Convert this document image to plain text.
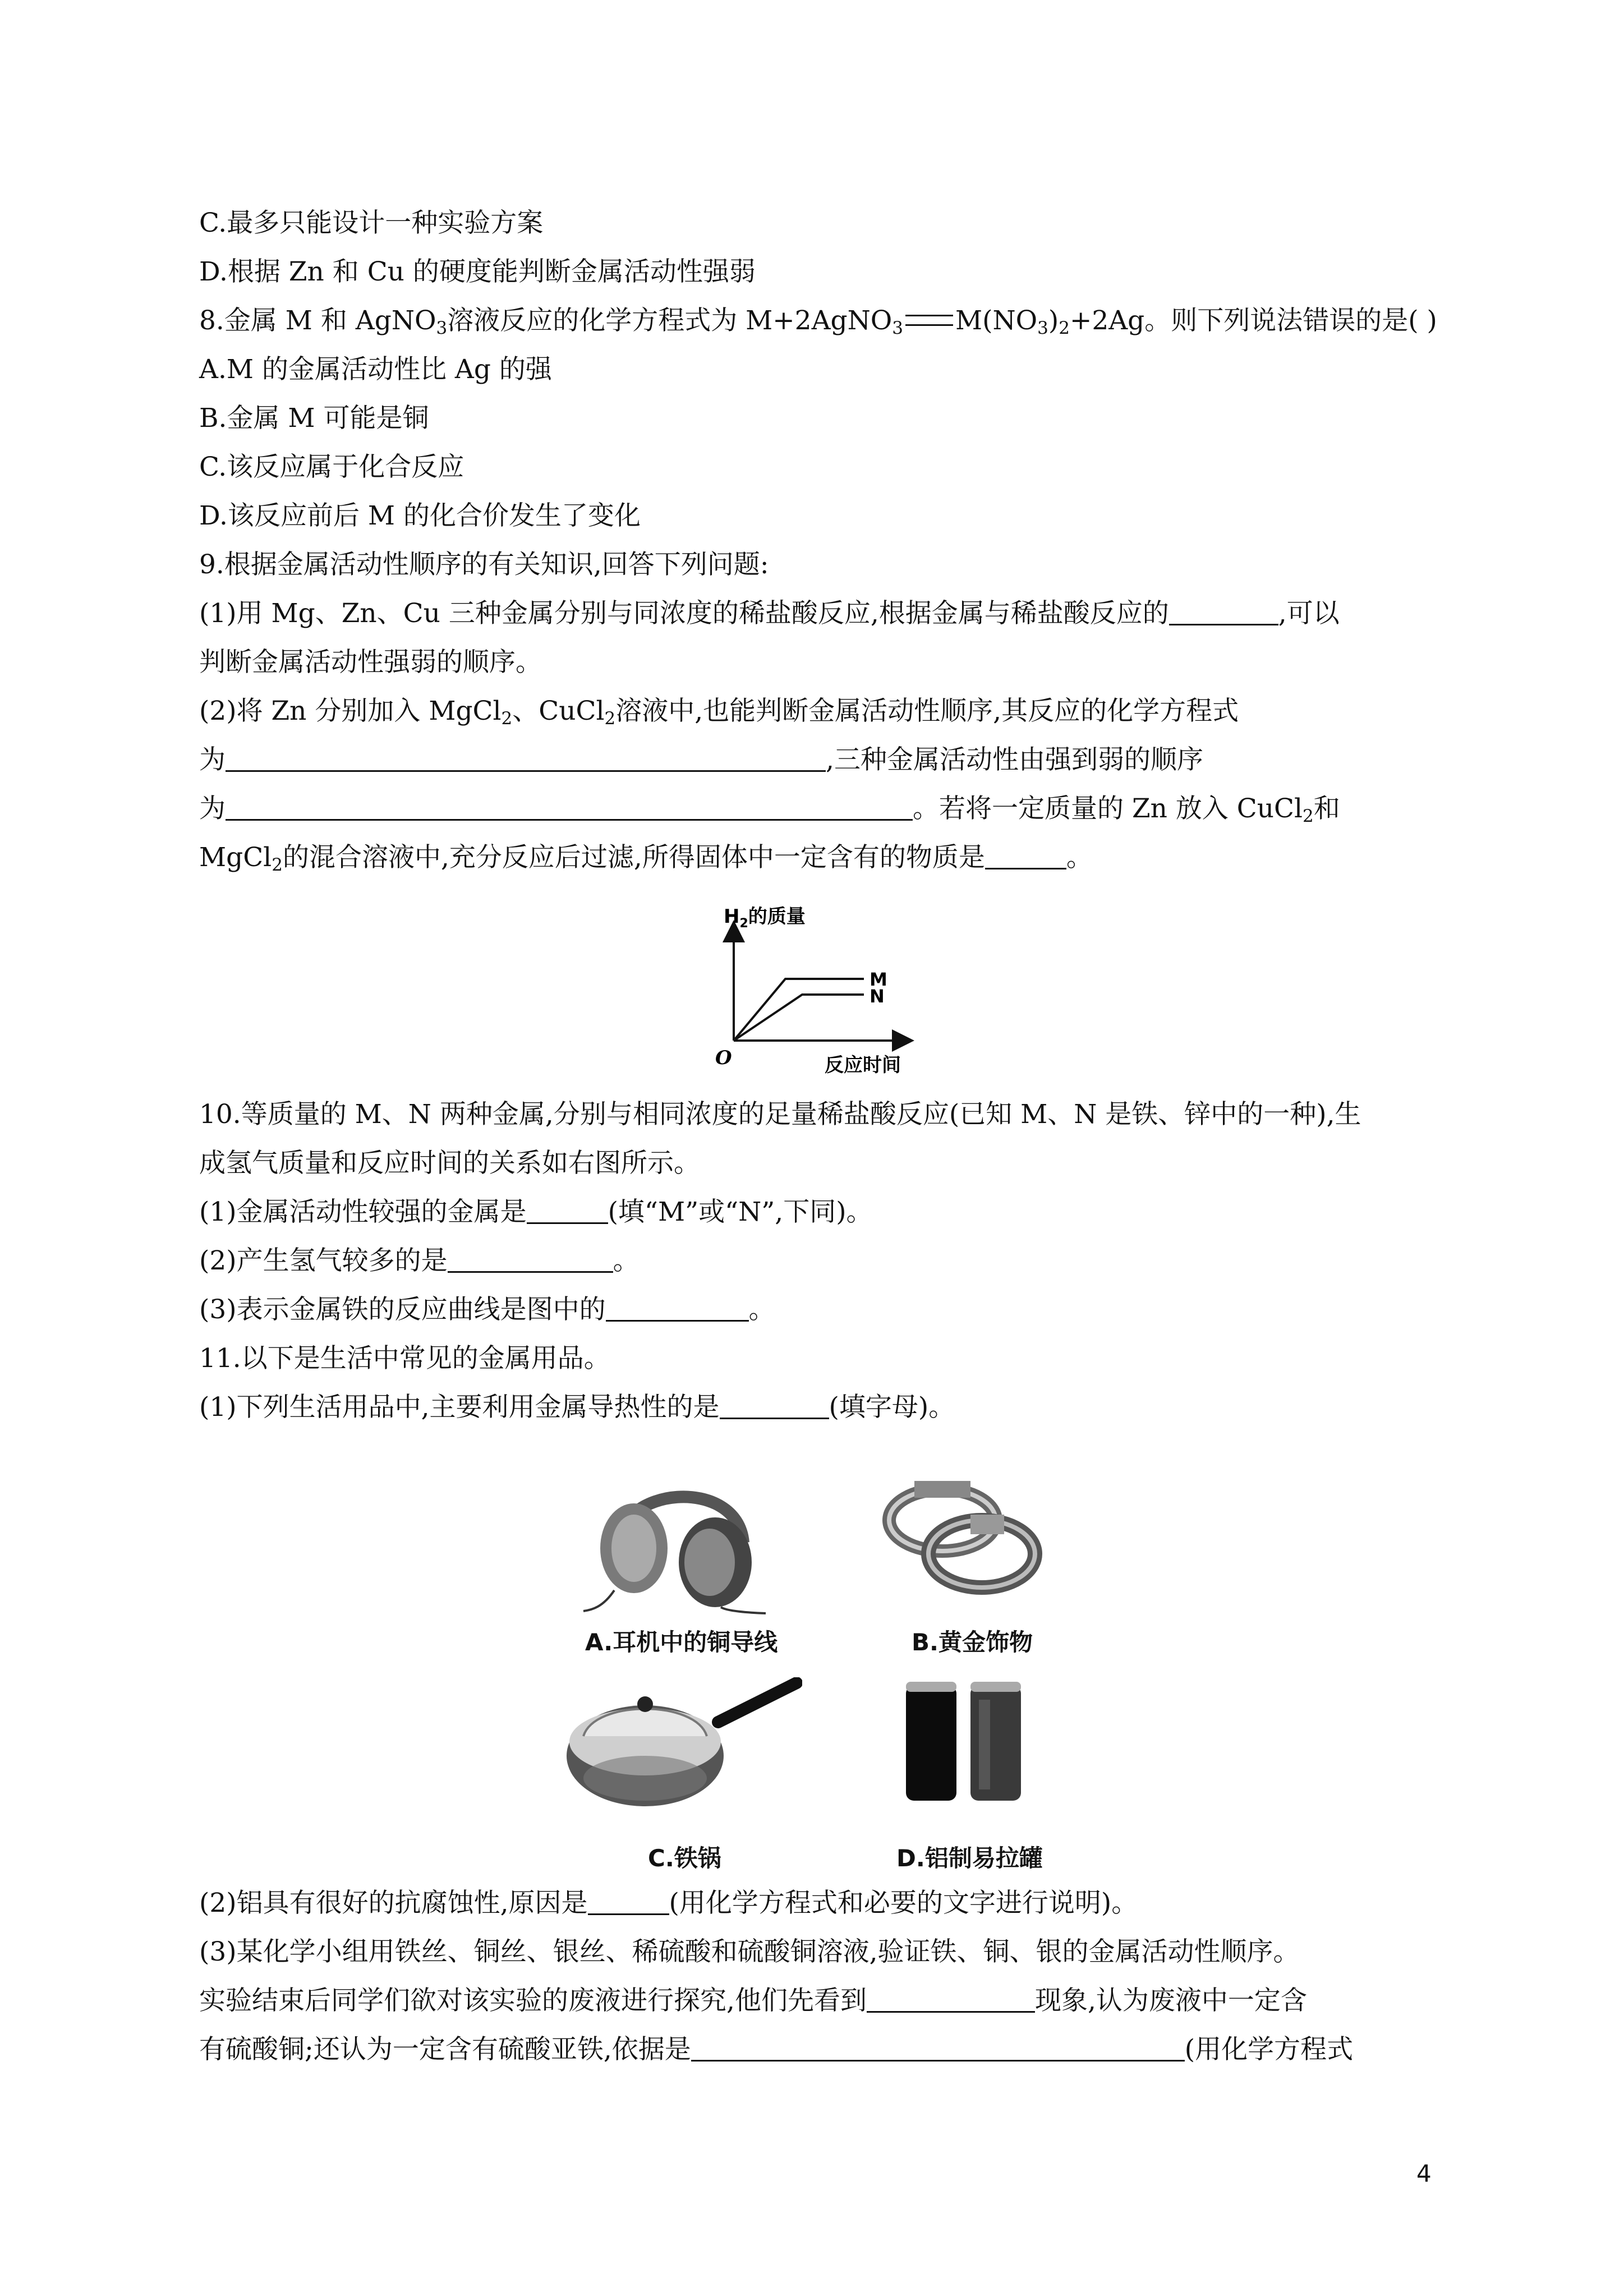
C.最多只能设计一种实验方案
D.根据 Zn 和 Cu 的硬度能判断金属活动性强弱
8.金属 M 和 AgNO$_3$溶液反应的化学方程式为 M+2AgNO$_3$ $M(NO_3)_2+2Ag$。则下列说法错误的是( )
A.M 的金属活动性比 Ag 的强
B.金属 M 可能是铜
C.该反应属于化合反应
D.该反应前后 M 的化合价发生了变化
9.根据金属活动性顺序的有关知识,回答下列问题:
(1)用 Mg、Zn、Cu 三种金属分别与同浓度的稀盐酸反应,根据金属与稀盐酸反应的	,可以
判断金属活动性强弱的顺序。
(2)将 Zn 分别加入 MgCl$_2$、CuCl$_2$溶液中,也能判断金属活动性顺序,其反应的化学方程式
为	,三种金属活动性由强到弱的顺序
为	。若将一定质量的 Zn 放入 CuCl$_2$和
MgCl$_2$的混合溶液中,充分反应后过滤,所得固体中一定含有的物质是	。
$H_2$的质量
O	反应时间
M
N
10.等质量的 M、N 两种金属,分别与相同浓度的足量稀盐酸反应(已知 M、N 是铁、锌中的一种),生
成氢气质量和反应时间的关系如右图所示。
(1)金属活动性较强的金属是	(填“M”或“N”,下同)。
(2)产生氢气较多的是	。
(3)表示金属铁的反应曲线是图中的	。
11.以下是生活中常见的金属用品。
(1)下列生活用品中,主要利用金属导热性的是	(填字母)。
A.耳机中的铜导线	B.黄金饰物
C.铁锅	D.铝制易拉罐
(2)铝具有很好的抗腐蚀性,原因是	(用化学方程式和必要的文字进行说明)。
(3)某化学小组用铁丝、铜丝、银丝、稀硫酸和硫酸铜溶液,验证铁、铜、银的金属活动性顺序。
实验结束后同学们欲对该实验的废液进行探究,他们先看到	现象,认为废液中一定含
有硫酸铜;还认为一定含有硫酸亚铁,依据是	(用化学方程式
4
